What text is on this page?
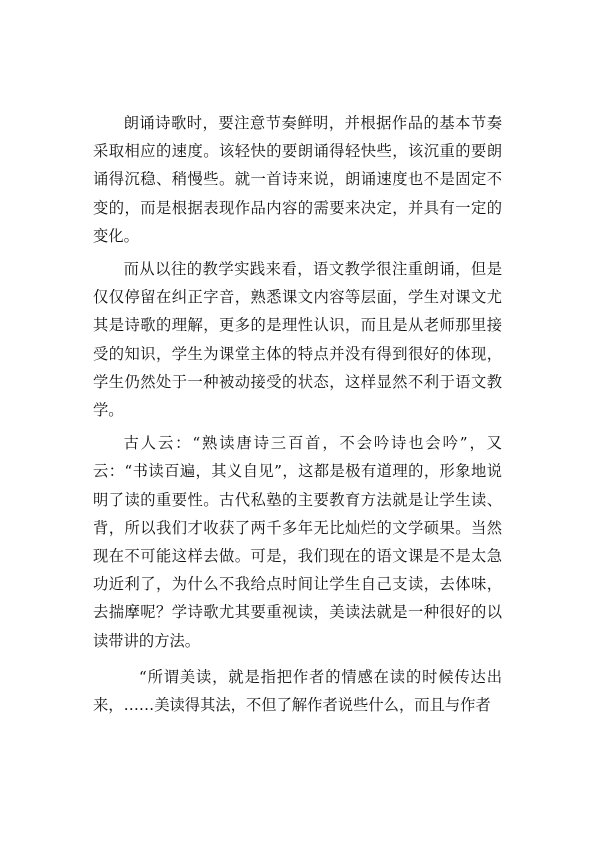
朗诵诗歌时，要注意节奏鲜明，并根据作品的基本节奏采取相应的速度。该轻快的要朗诵得轻快些，该沉重的要朗诵得沉稳、稍慢些。就一首诗来说，朗诵速度也不是固定不变的，而是根据表现作品内容的需要来决定，并具有一定的变化。

而从以往的教学实践来看，语文教学很注重朗诵，但是仅仅停留在纠正字音，熟悉课文内容等层面，学生对课文尤其是诗歌的理解，更多的是理性认识，而且是从老师那里接受的知识，学生为课堂主体的特点并没有得到很好的体现，学生仍然处于一种被动接受的状态，这样显然不利于语文教学。

古人云：“熟读唐诗三百首，不会吟诗也会吟”，又云：“书读百遍，其义自见”，这都是极有道理的，形象地说明了读的重要性。古代私塾的主要教育方法就是让学生读、背，所以我们才收获了两千多年无比灿烂的文学硕果。当然现在不可能这样去做。可是，我们现在的语文课是不是太急功近利了，为什么不我给点时间让学生自己支读，去体味，去揣摩呢？学诗歌尤其要重视读，美读法就是一种很好的以读带讲的方法。

“所谓美读，就是指把作者的情感在读的时候传达出来，……美读得其法，不但了解作者说些什么，而且与作者
